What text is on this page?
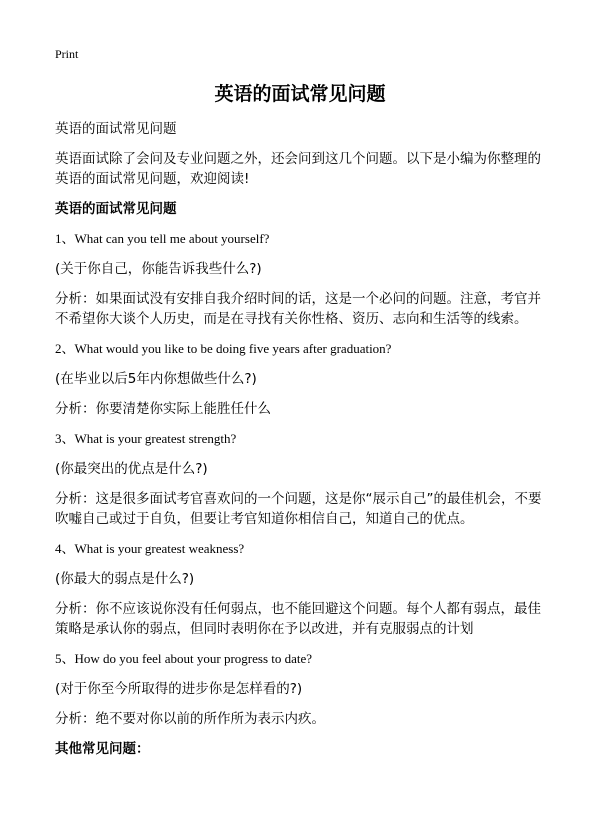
Print
英语的面试常见问题

英语的面试常见问题

英语面试除了会问及专业问题之外，还会问到这几个问题。以下是小编为你整理的英语的面试常见问题，欢迎阅读!

英语的面试常见问题

1、What can you tell me about yourself?

(关于你自己，你能告诉我些什么?)

分析：如果面试没有安排自我介绍时间的话，这是一个必问的问题。注意，考官并不希望你大谈个人历史，而是在寻找有关你性格、资历、志向和生活等的线索。

2、What would you like to be doing five years after graduation?

(在毕业以后5年内你想做些什么?)

分析：你要清楚你实际上能胜任什么

3、What is your greatest strength?

(你最突出的优点是什么?)

分析：这是很多面试考官喜欢问的一个问题，这是你“展示自己”的最佳机会，不要吹嘘自己或过于自负，但要让考官知道你相信自己，知道自己的优点。

4、What is your greatest weakness?

(你最大的弱点是什么?)

分析：你不应该说你没有任何弱点，也不能回避这个问题。每个人都有弱点，最佳策略是承认你的弱点，但同时表明你在予以改进，并有克服弱点的计划

5、How do you feel about your progress to date?

(对于你至今所取得的进步你是怎样看的?)

分析：绝不要对你以前的所作所为表示内疚。

其他常见问题：
